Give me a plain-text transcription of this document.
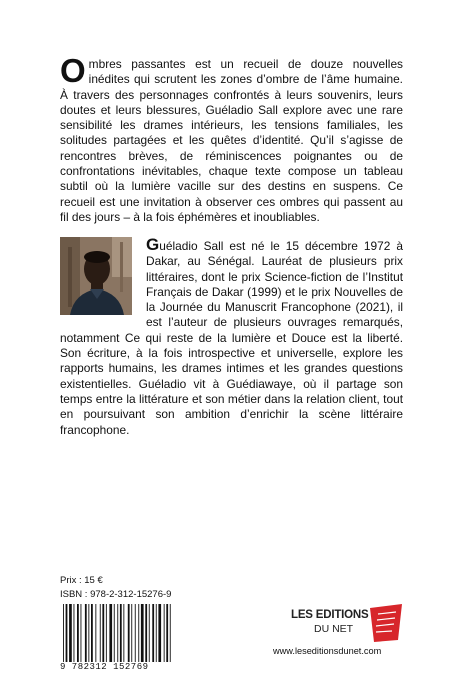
Ombres passantes est un recueil de douze nouvelles inédites qui scrutent les zones d’ombre de l’âme humaine. À travers des personnages confrontés à leurs souvenirs, leurs doutes et leurs blessures, Guéladio Sall explore avec une rare sensibilité les drames intérieurs, les tensions familiales, les solitudes partagées et les quêtes d’identité. Qu’il s’agisse de rencontres brèves, de réminiscences poignantes ou de confrontations inévitables, chaque texte compose un tableau subtil où la lumière vacille sur des destins en suspens. Ce recueil est une invitation à observer ces ombres qui passent au fil des jours – à la fois éphémères et inoubliables.

Guéladio Sall est né le 15 décembre 1972 à Dakar, au Sénégal. Lauréat de plusieurs prix littéraires, dont le prix Science-fiction de l’Institut Français de Dakar (1999) et le prix Nouvelles de la Journée du Manuscrit Francophone (2021), il est l’auteur de plusieurs ouvrages remarqués, notamment Ce qui reste de la lumière et Douce est la liberté. Son écriture, à la fois introspective et universelle, explore les rapports humains, les drames intimes et les grandes questions existentielles. Guéladio vit à Guédiawaye, où il partage son temps entre la littérature et son métier dans la relation client, tout en poursuivant son ambition d’enrichir la scène littéraire francophone.

Prix : 15 €
ISBN : 978-2-312-15276-9
9 782312 152769
LES EDITIONS
DU NET
www.leseditionsdunet.com
